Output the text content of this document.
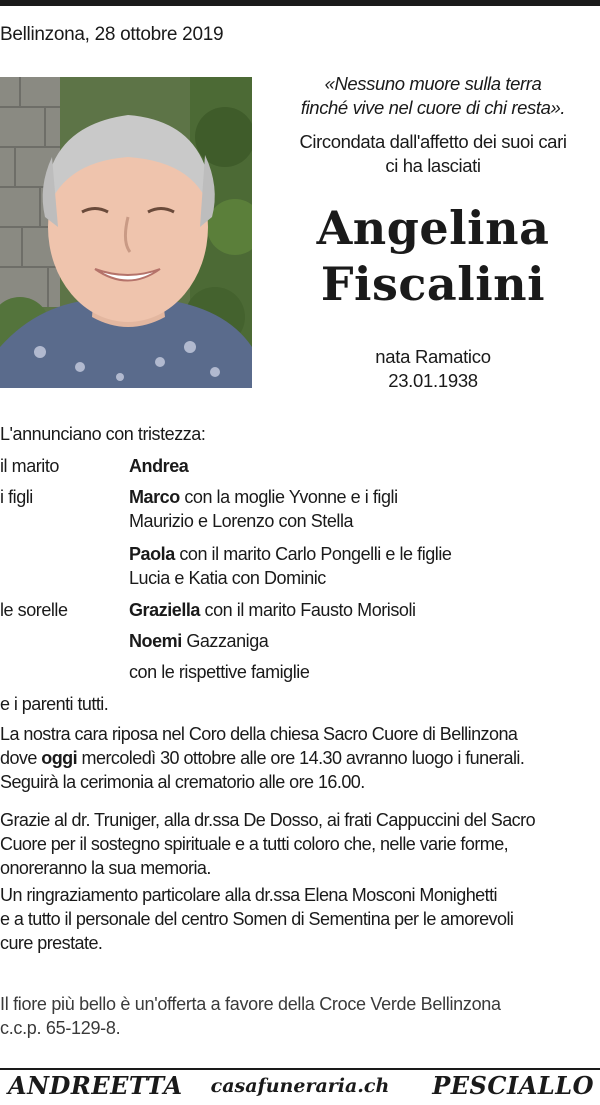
Bellinzona, 28 ottobre 2019
«Nessuno muore sulla terra
finché vive nel cuore di chi resta».
Circondata dall'affetto dei suoi cari
ci ha lasciati
Angelina
Fiscalini
nata Ramatico
23.01.1938
L'annunciano con tristezza:
il marito	Andrea
i figli	Marco con la moglie Yvonne e i figli
Maurizio e Lorenzo con Stella
Paola con il marito Carlo Pongelli e le figlie
Lucia e Katia con Dominic
le sorelle	Graziella con il marito Fausto Morisoli
Noemi Gazzaniga
con le rispettive famiglie
e i parenti tutti.
La nostra cara riposa nel Coro della chiesa Sacro Cuore di Bellinzona
dove oggi mercoledì 30 ottobre alle ore 14.30 avranno luogo i funerali.
Seguirà la cerimonia al crematorio alle ore 16.00.
Grazie al dr. Truniger, alla dr.ssa De Dosso, ai frati Cappuccini del Sacro
Cuore per il sostegno spirituale e a tutti coloro che, nelle varie forme,
onoreranno la sua memoria.
Un ringraziamento particolare alla dr.ssa Elena Mosconi Monighetti
e a tutto il personale del centro Somen di Sementina per le amorevoli
cure prestate.
Il fiore più bello è un'offerta a favore della Croce Verde Bellinzona
c.c.p. 65-129-8.
casafuneraria.ch
ANDREETTA	PESCIALLO
